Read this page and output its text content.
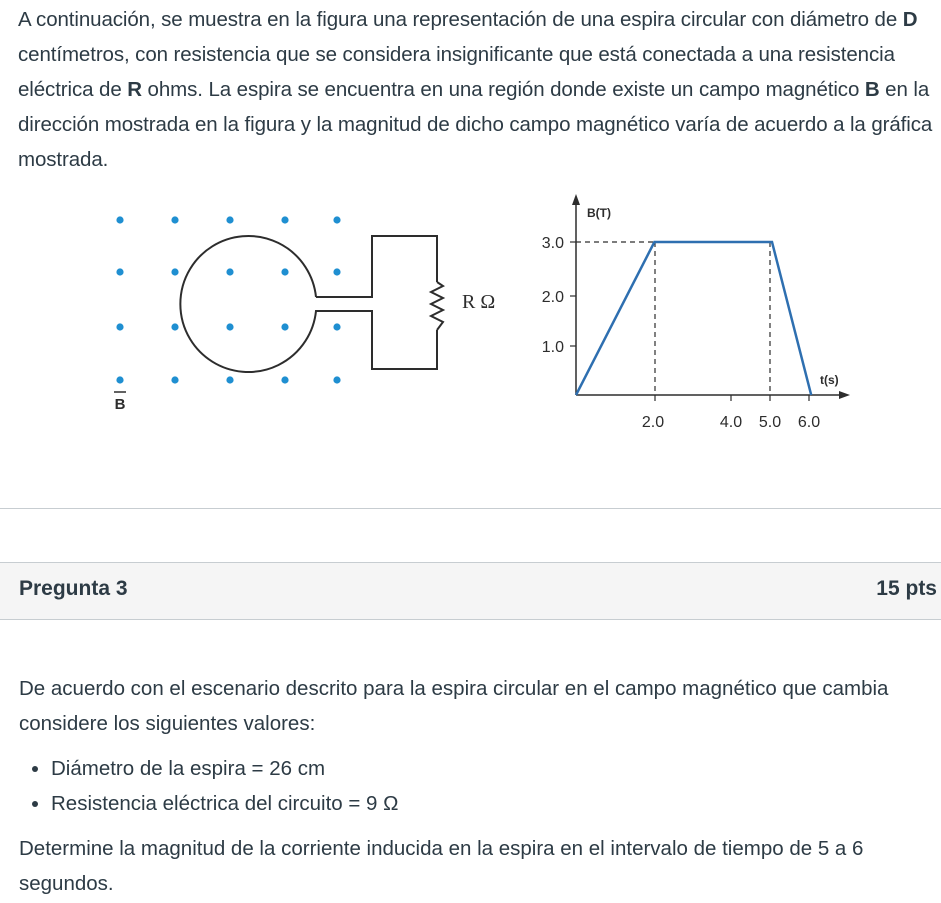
A continuación, se muestra en la figura una representación de una espira circular con diámetro de D centímetros, con resistencia que se considera insignificante que está conectada a una resistencia eléctrica de R ohms. La espira se encuentra en una región donde existe un campo magnético B en la dirección mostrada en la figura y la magnitud de dicho campo magnético varía de acuerdo a la gráfica mostrada.
B
R Ω
B(T)
t(s)
3.0
2.0
1.0
2.0	4.0 5.0 6.0
Pregunta 3	15 pts

De acuerdo con el escenario descrito para la espira circular en el campo magnético que cambia considere los siguientes valores:

• Diámetro de la espira = 26 cm
• Resistencia eléctrica del circuito = 9 Ω

Determine la magnitud de la corriente inducida en la espira en el intervalo de tiempo de 5 a 6 segundos.
